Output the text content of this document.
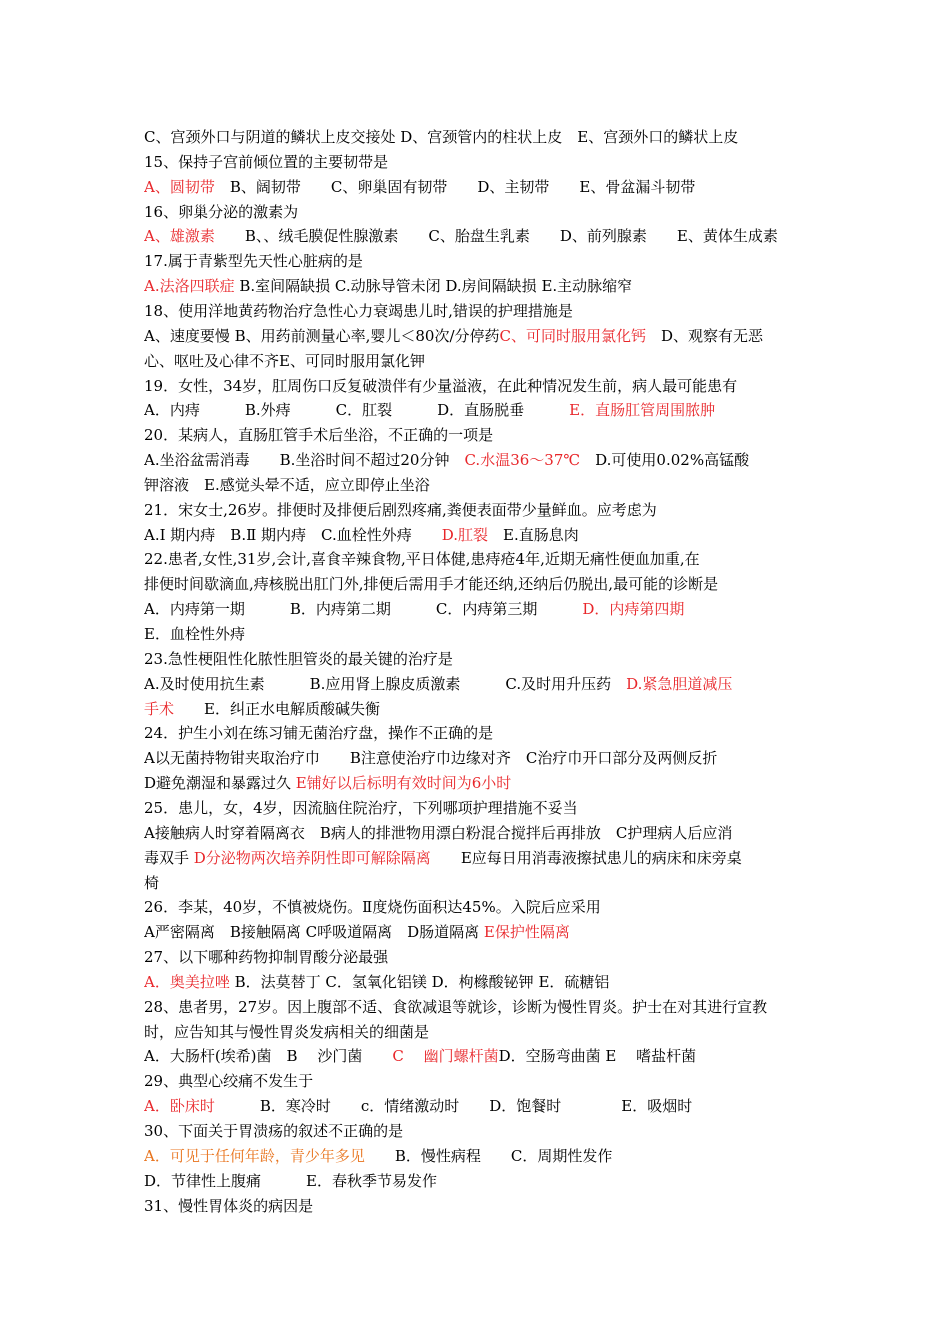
C、宫颈外口与阴道的鳞状上皮交接处 D、宫颈管内的柱状上皮　E、宫颈外口的鳞状上皮
15、保持子宫前倾位置的主要韧带是
A、圆韧带　B、阔韧带　　C、卵巢固有韧带　　D、主韧带　　E、骨盆漏斗韧带
16、卵巢分泌的激素为
A、雄激素　　B、、绒毛膜促性腺激素　　C、胎盘生乳素　　D、前列腺素　　E、黄体生成素
17.属于青紫型先天性心脏病的是
A.法洛四联症 B.室间隔缺损 C.动脉导管未闭 D.房间隔缺损 E.主动脉缩窄
18、使用洋地黄药物治疗急性心力衰竭患儿时,错误的护理措施是
A、速度要慢 B、用药前测量心率,婴儿＜80次/分停药C、可同时服用氯化钙　D、观察有无恶
心、呕吐及心律不齐E、可同时服用氯化钾
19．女性，34岁，肛周伤口反复破溃伴有少量溢液，在此种情况发生前，病人最可能患有
A．内痔　　　B.外痔　　　C．肛裂　　　D．直肠脱垂　　　E．直肠肛管周围脓肿
20．某病人，直肠肛管手术后坐浴，不正确的一项是
A.坐浴盆需消毒　　B.坐浴时间不超过20分钟　C.水温36～37℃　D.可使用0.02%高锰酸
钾溶液　E.感觉头晕不适，应立即停止坐浴
21．宋女士,26岁。排便时及排便后剧烈疼痛,粪便表面带少量鲜血。应考虑为
A.Ⅰ 期内痔　B.Ⅱ 期内痔　C.血栓性外痔　　D.肛裂　E.直肠息肉
22.患者,女性,31岁,会计,喜食辛辣食物,平日体健,患痔疮4年,近期无痛性便血加重,在
排便时间歇滴血,痔核脱出肛门外,排便后需用手才能还纳,还纳后仍脱出,最可能的诊断是
A．内痔第一期　　　B．内痔第二期　　　C．内痔第三期　　　D．内痔第四期
E．血栓性外痔
23.急性梗阻性化脓性胆管炎的最关键的治疗是
A.及时使用抗生素　　　B.应用肾上腺皮质激素　　　C.及时用升压药　D.紧急胆道减压
手术　　E．纠正水电解质酸碱失衡
24．护生小刘在练习铺无菌治疗盘，操作不正确的是
A以无菌持物钳夹取治疗巾　　B注意使治疗巾边缘对齐　C治疗巾开口部分及两侧反折
D避免潮湿和暴露过久 E铺好以后标明有效时间为6小时
25．患儿，女，4岁，因流脑住院治疗，下列哪项护理措施不妥当
A接触病人时穿着隔离衣　B病人的排泄物用漂白粉混合搅拌后再排放　C护理病人后应消
毒双手 D分泌物两次培养阴性即可解除隔离　　E应每日用消毒液擦拭患儿的病床和床旁桌
椅
26．李某，40岁，不慎被烧伤。Ⅱ度烧伤面积达45%。入院后应采用
A严密隔离　B接触隔离 C呼吸道隔离　D肠道隔离 E保护性隔离
27、以下哪种药物抑制胃酸分泌最强
A．奥美拉唑 B．法莫替丁 C．氢氧化铝镁 D．枸橼酸铋钾 E．硫糖铝
28、患者男，27岁。因上腹部不适、食欲减退等就诊，诊断为慢性胃炎。护士在对其进行宣教
时，应告知其与慢性胃炎发病相关的细菌是
A．大肠杆(埃希)菌　B　 沙门菌　　C　 幽门螺杆菌D．空肠弯曲菌 E　 嗜盐杆菌
29、典型心绞痛不发生于
A．卧床时　　　B．寒冷时　　c．情绪激动时　　D．饱餐时　　　　E．吸烟时
30、下面关于胃溃疡的叙述不正确的是
A．可见于任何年龄，青少年多见　　B．慢性病程　　C．周期性发作
D．节律性上腹痛　　　E．春秋季节易发作
31、慢性胃体炎的病因是
